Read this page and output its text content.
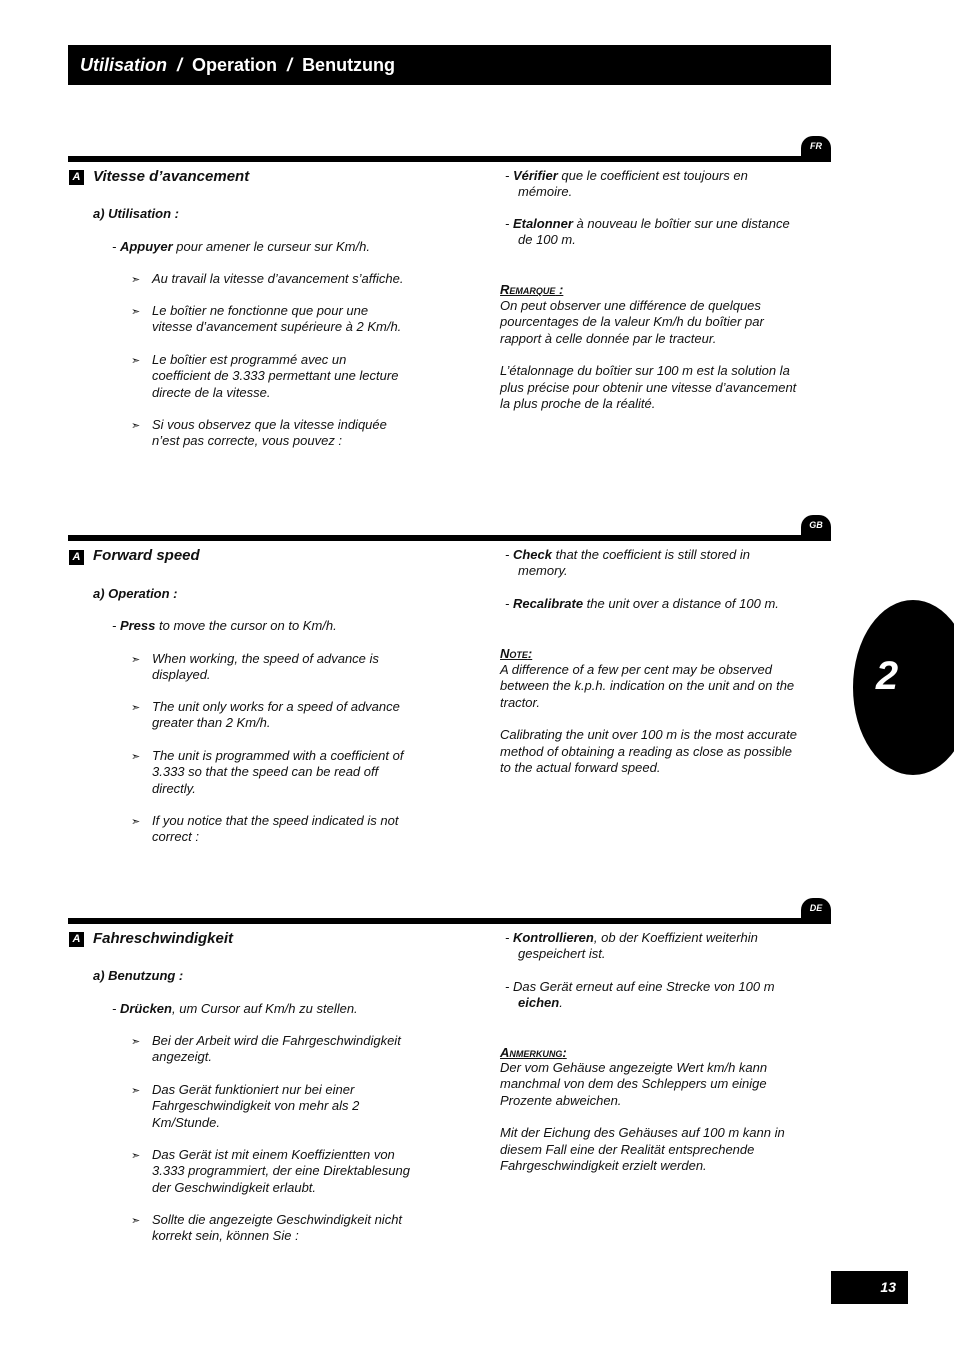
Utilisation / Operation / Benutzung
FR
A Vitesse d’avancement
a) Utilisation :
- Appuyer pour amener le curseur sur Km/h.
➣ Au travail la vitesse d’avancement s’affiche.
➣ Le boîtier ne fonctionne que pour une
vitesse d’avancement supérieure à 2 Km/h.
➣ Le boîtier est programmé avec un
coefficient de 3.333 permettant une lecture
directe de la vitesse.
➣ Si vous observez que la vitesse indiquée
n’est pas correcte, vous pouvez :
- Vérifier que le coefficient est toujours en
mémoire.
- Etalonner à nouveau le boîtier sur une distance
de 100 m.
Remarque :
On peut observer une différence de quelques
pourcentages de la valeur Km/h du boîtier par
rapport à celle donnée par le tracteur.
L’étalonnage du boîtier sur 100 m est la solution la
plus précise pour obtenir une vitesse d’avancement
la plus proche de la réalité.
GB
A Forward speed
a) Operation :
- Press to move the cursor on to Km/h.
➣ When working, the speed of advance is
displayed.
➣ The unit only works for a speed of advance
greater than 2 Km/h.
➣ The unit is programmed with a coefficient of
3.333 so that the speed can be read off
directly.
➣ If you notice that the speed indicated is not
correct :
- Check that the coefficient is still stored in
memory.
- Recalibrate the unit over a distance of 100 m.
Note:
A difference of a few per cent may be observed
between the k.p.h. indication on the unit and on the
tractor.
Calibrating the unit over 100 m is the most accurate
method of obtaining a reading as close as possible
to the actual forward speed.
DE
A Fahreschwindigkeit
a) Benutzung :
- Drücken, um Cursor auf Km/h zu stellen.
➣ Bei der Arbeit wird die Fahrgeschwindigkeit
angezeigt.
➣ Das Gerät funktioniert nur bei einer
Fahrgeschwindigkeit von mehr als 2
Km/Stunde.
➣ Das Gerät ist mit einem Koeffizientten von
3.333 programmiert, der eine Direktablesung
der Geschwindigkeit erlaubt.
➣ Sollte die angezeigte Geschwindigkeit nicht
korrekt sein, können Sie :
- Kontrollieren, ob der Koeffizient weiterhin
gespeichert ist.
- Das Gerät erneut auf eine Strecke von 100 m
eichen.
Anmerkung:
Der vom Gehäuse angezeigte Wert km/h kann
manchmal von dem des Schleppers um einige
Prozente abweichen.
Mit der Eichung des Gehäuses auf 100 m kann in
diesem Fall eine der Realität entsprechende
Fahrgeschwindigkeit erzielt werden.
2
13
